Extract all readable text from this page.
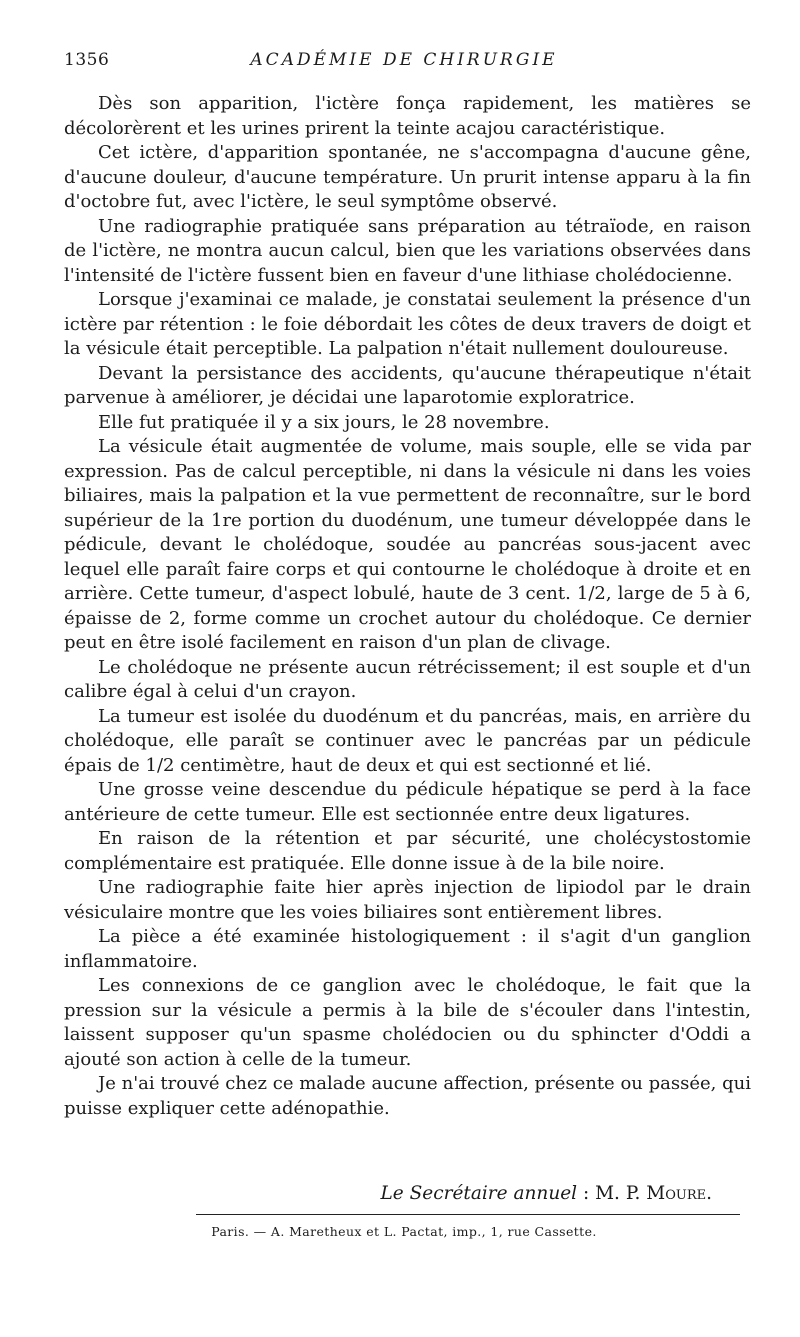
1356	ACADÉMIE DE CHIRURGIE

Dès son apparition, l'ictère fonça rapidement, les matières se décolorèrent et les urines prirent la teinte acajou caractéristique.

Cet ictère, d'apparition spontanée, ne s'accompagna d'aucune gêne, d'aucune douleur, d'aucune température. Un prurit intense apparu à la fin d'octobre fut, avec l'ictère, le seul symptôme observé.

Une radiographie pratiquée sans préparation au tétraïode, en raison de l'ictère, ne montra aucun calcul, bien que les variations observées dans l'intensité de l'ictère fussent bien en faveur d'une lithiase cholédocienne.

Lorsque j'examinai ce malade, je constatai seulement la présence d'un ictère par rétention : le foie débordait les côtes de deux travers de doigt et la vésicule était perceptible. La palpation n'était nullement douloureuse.

Devant la persistance des accidents, qu'aucune thérapeutique n'était parvenue à améliorer, je décidai une laparotomie exploratrice.

Elle fut pratiquée il y a six jours, le 28 novembre.

La vésicule était augmentée de volume, mais souple, elle se vida par expression. Pas de calcul perceptible, ni dans la vésicule ni dans les voies biliaires, mais la palpation et la vue permettent de reconnaître, sur le bord supérieur de la 1re portion du duodénum, une tumeur développée dans le pédicule, devant le cholédoque, soudée au pancréas sous-jacent avec lequel elle paraît faire corps et qui contourne le cholédoque à droite et en arrière. Cette tumeur, d'aspect lobulé, haute de 3 cent. 1/2, large de 5 à 6, épaisse de 2, forme comme un crochet autour du cholédoque. Ce dernier peut en être isolé facilement en raison d'un plan de clivage.

Le cholédoque ne présente aucun rétrécissement; il est souple et d'un calibre égal à celui d'un crayon.

La tumeur est isolée du duodénum et du pancréas, mais, en arrière du cholédoque, elle paraît se continuer avec le pancréas par un pédicule épais de 1/2 centimètre, haut de deux et qui est sectionné et lié.

Une grosse veine descendue du pédicule hépatique se perd à la face antérieure de cette tumeur. Elle est sectionnée entre deux ligatures.

En raison de la rétention et par sécurité, une cholécystostomie complémentaire est pratiquée. Elle donne issue à de la bile noire.

Une radiographie faite hier après injection de lipiodol par le drain vésiculaire montre que les voies biliaires sont entièrement libres.

La pièce a été examinée histologiquement : il s'agit d'un ganglion inflammatoire.

Les connexions de ce ganglion avec le cholédoque, le fait que la pression sur la vésicule a permis à la bile de s'écouler dans l'intestin, laissent supposer qu'un spasme cholédocien ou du sphincter d'Oddi a ajouté son action à celle de la tumeur.

Je n'ai trouvé chez ce malade aucune affection, présente ou passée, qui puisse expliquer cette adénopathie.

Le Secrétaire annuel : M. P. Moure.
Paris. — A. Maretheux et L. Pactat, imp., 1, rue Cassette.
